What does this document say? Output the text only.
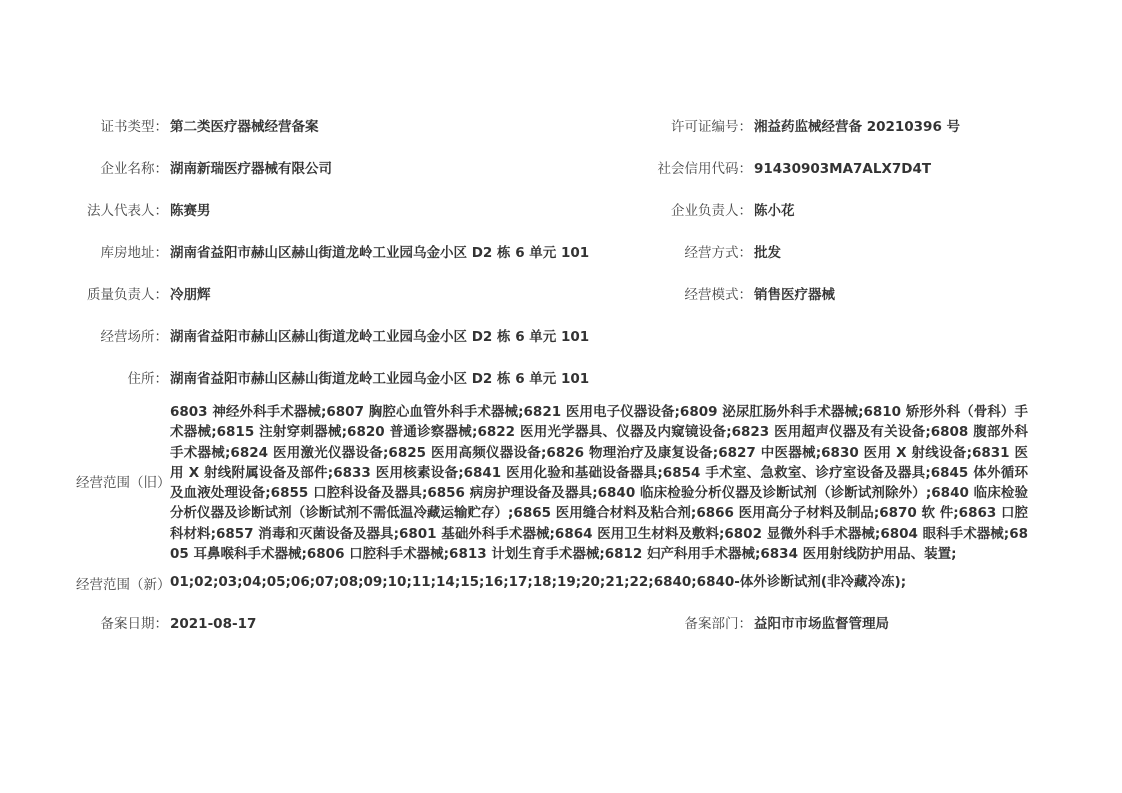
证书类型： 第二类医疗器械经营备案
企业名称： 湖南新瑞医疗器械有限公司
法人代表人： 陈赛男
库房地址： 湖南省益阳市赫山区赫山街道龙岭工业园乌金小区 D2 栋 6 单元 101
质量负责人： 冷朋辉
经营场所： 湖南省益阳市赫山区赫山街道龙岭工业园乌金小区 D2 栋 6 单元 101
住所： 湖南省益阳市赫山区赫山街道龙岭工业园乌金小区 D2 栋 6 单元 101
许可证编号： 湘益药监械经营备 20210396 号
社会信用代码： 91430903MA7ALX7D4T
企业负责人： 陈小花
经营方式： 批发
经营模式： 销售医疗器械
经营范围（旧）
6803 神经外科手术器械;6807 胸腔心血管外科手术器械;6821 医用电子仪器设备;6809 泌尿肛肠外科手术器械;6810 矫形外科（骨科）手术器械;6815 注射穿刺器械;6820 普通诊察器械;6822 医用光学器具、仪器及内窥镜设备;6823 医用超声仪器及有关设备;6808 腹部外科手术器械;6824 医用激光仪器设备;6825 医用高频仪器设备;6826 物理治疗及康复设备;6827 中医器械;6830 医用 X 射线设备;6831 医用 X 射线附属设备及部件;6833 医用核素设备;6841 医用化验和基础设备器具;6854 手术室、急救室、诊疗室设备及器具;6845 体外循环及血液处理设备;6855 口腔科设备及器具;6856 病房护理设备及器具;6840 临床检验分析仪器及诊断试剂（诊断试剂除外）;6840 临床检验分析仪器及诊断试剂（诊断试剂不需低温冷藏运输贮存）;6865 医用缝合材料及粘合剂;6866 医用高分子材料及制品;6870 软 件;6863 口腔科材料;6857 消毒和灭菌设备及器具;6801 基础外科手术器械;6864 医用卫生材料及敷料;6802 显微外科手术器械;6804 眼科手术器械;6805 耳鼻喉科手术器械;6806 口腔科手术器械;6813 计划生育手术器械;6812 妇产科用手术器械;6834 医用射线防护用品、装置;
经营范围（新） 01;02;03;04;05;06;07;08;09;10;11;14;15;16;17;18;19;20;21;22;6840;6840-体外诊断试剂(非冷藏冷冻);
备案日期： 2021-08-17	备案部门： 益阳市市场监督管理局
